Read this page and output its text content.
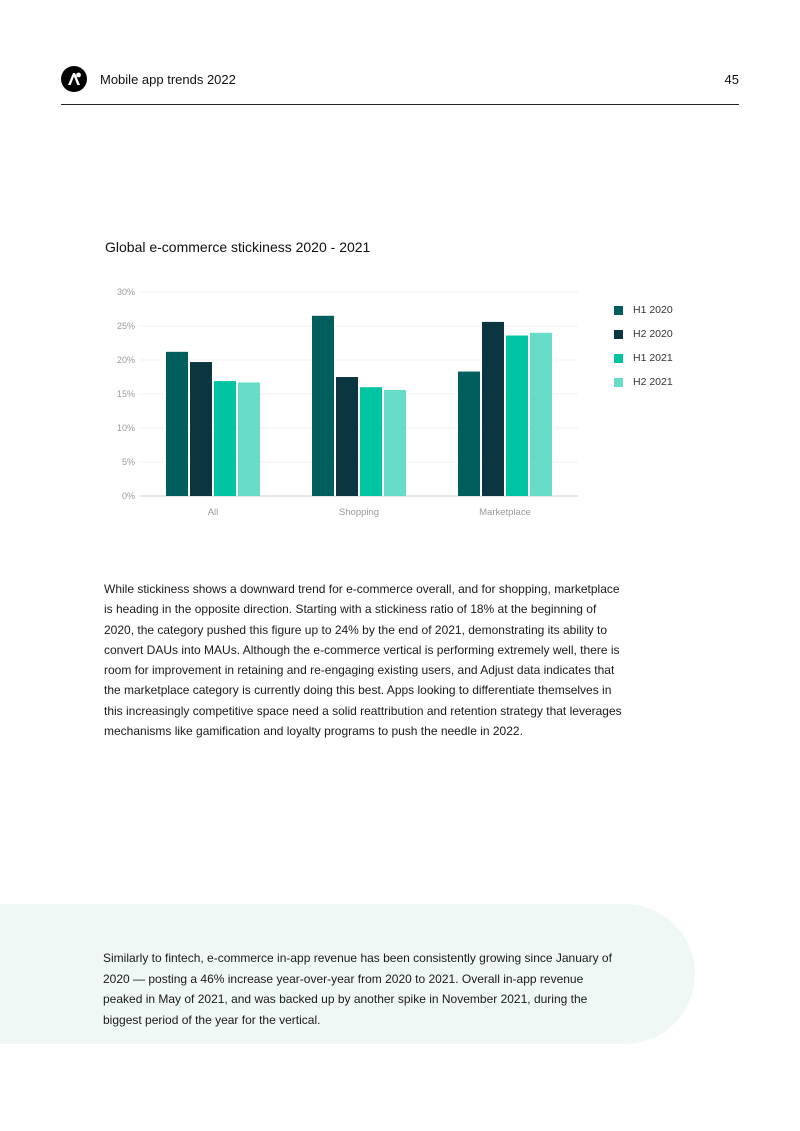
Mobile app trends 2022	45
Global e-commerce stickiness 2020 - 2021
0%
5%
10%
15%
20%
25%
30%
All	Shopping	Marketplace
H1 2020
H2 2020
H1 2021
H2 2021

While stickiness shows a downward trend for e-commerce overall, and for shopping, marketplace is heading in the opposite direction. Starting with a stickiness ratio of 18% at the beginning of 2020, the category pushed this figure up to 24% by the end of 2021, demonstrating its ability to convert DAUs into MAUs. Although the e-commerce vertical is performing extremely well, there is room for improvement in retaining and re-engaging existing users, and Adjust data indicates that the marketplace category is currently doing this best. Apps looking to differentiate themselves in this increasingly competitive space need a solid reattribution and retention strategy that leverages mechanisms like gamification and loyalty programs to push the needle in 2022.

Similarly to fintech, e-commerce in-app revenue has been consistently growing since January of 2020 — posting a 46% increase year-over-year from 2020 to 2021. Overall in-app revenue peaked in May of 2021, and was backed up by another spike in November 2021, during the biggest period of the year for the vertical.
